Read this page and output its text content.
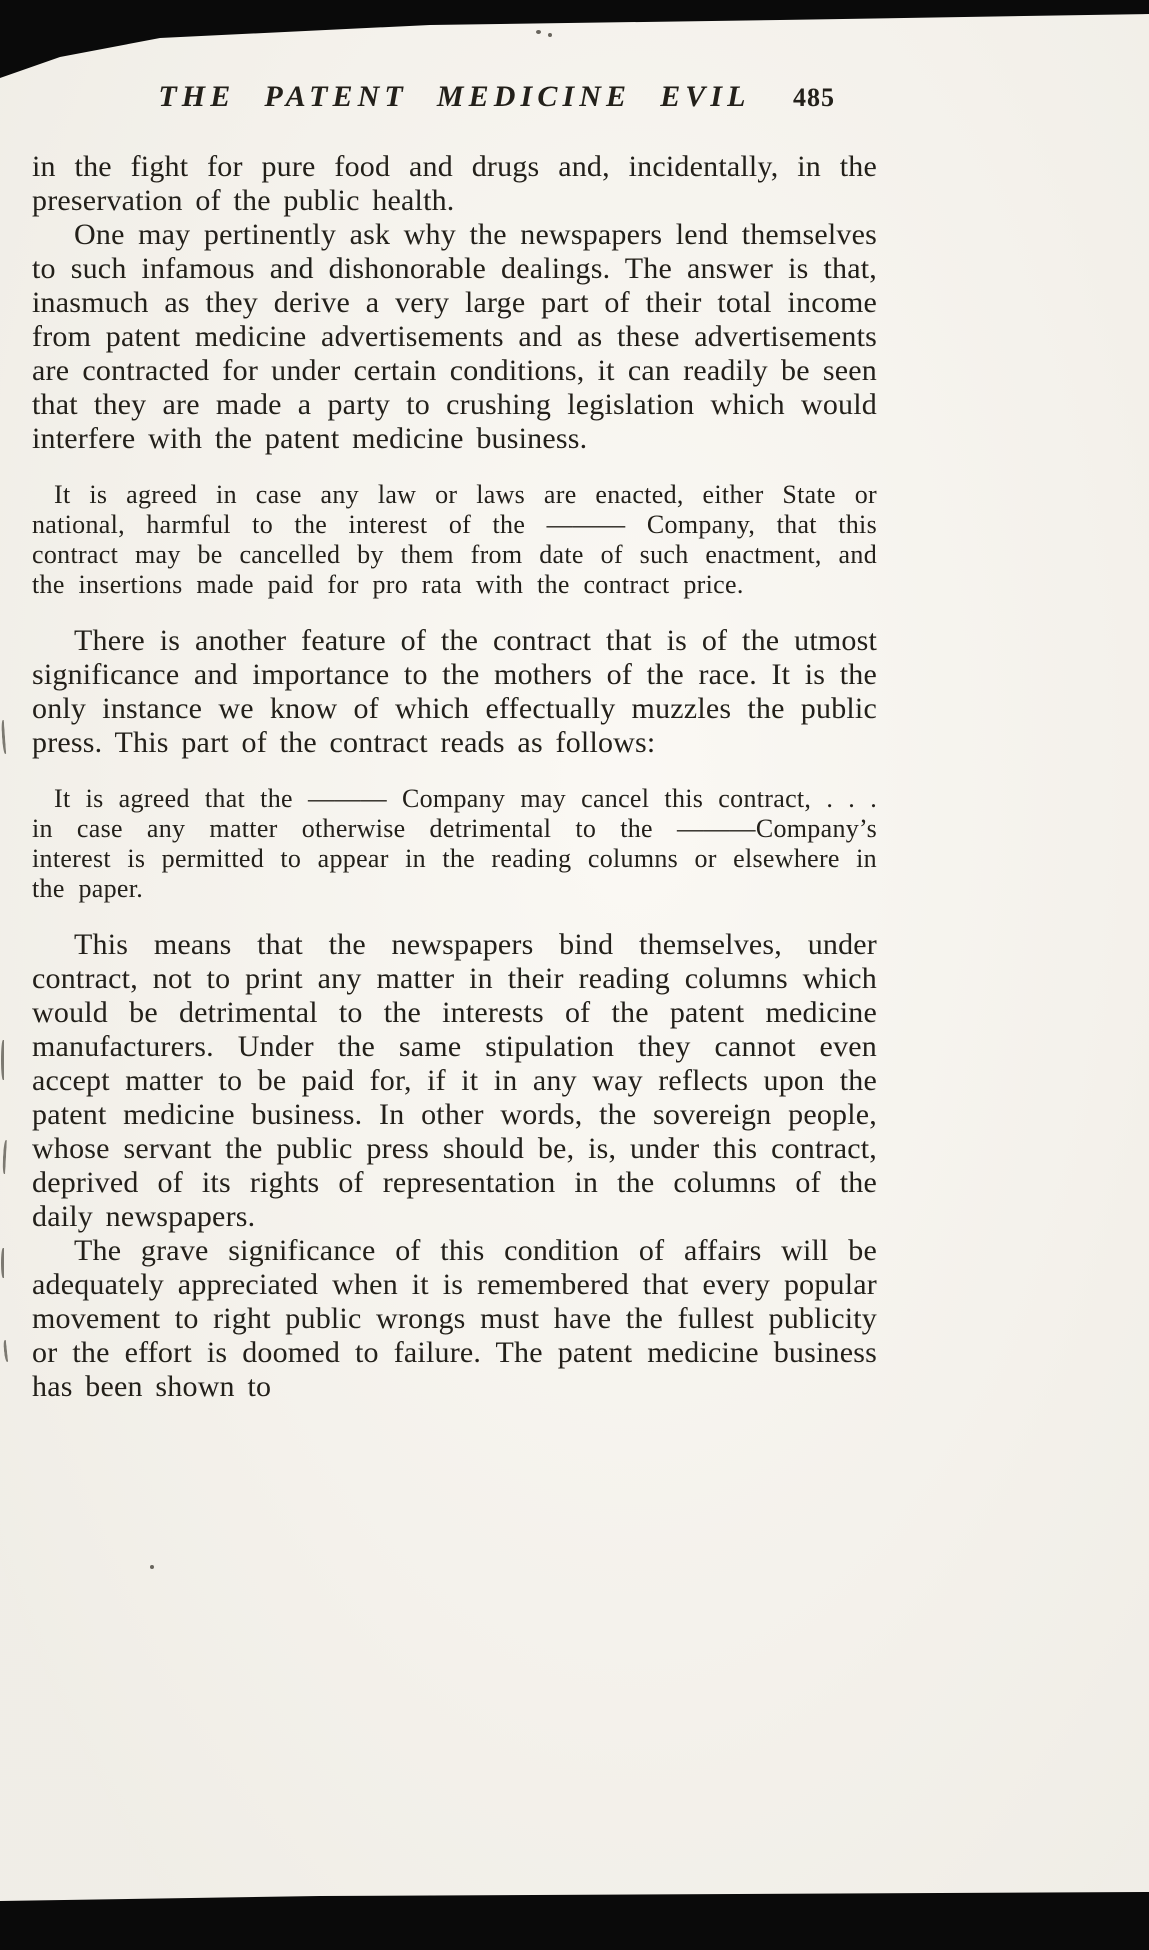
THE PATENT MEDICINE EVIL 485

in the fight for pure food and drugs and, incidentally, in the preservation of the public health.

One may pertinently ask why the newspapers lend themselves to such infamous and dishonorable dealings. The answer is that, inasmuch as they derive a very large part of their total income from patent medicine advertisements and as these advertisements are contracted for under certain conditions, it can readily be seen that they are made a party to crushing legislation which would interfere with the patent medicine business.

It is agreed in case any law or laws are enacted, either State or national, harmful to the interest of the ——— Company, that this contract may be cancelled by them from date of such enactment, and the insertions made paid for pro rata with the contract price.

There is another feature of the contract that is of the utmost significance and importance to the mothers of the race. It is the only instance we know of which effectually muzzles the public press. This part of the contract reads as follows:

It is agreed that the ——— Company may cancel this contract, . . . in case any matter otherwise detrimental to the ———Company’s interest is permitted to appear in the reading columns or elsewhere in the paper.

This means that the newspapers bind themselves, under contract, not to print any matter in their reading columns which would be detrimental to the interests of the patent medicine manufacturers. Under the same stipulation they cannot even accept matter to be paid for, if it in any way reflects upon the patent medicine business. In other words, the sovereign people, whose servant the public press should be, is, under this contract, deprived of its rights of representation in the columns of the daily newspapers.

The grave significance of this condition of affairs will be adequately appreciated when it is remembered that every popular movement to right public wrongs must have the fullest publicity or the effort is doomed to failure. The patent medicine business has been shown to
